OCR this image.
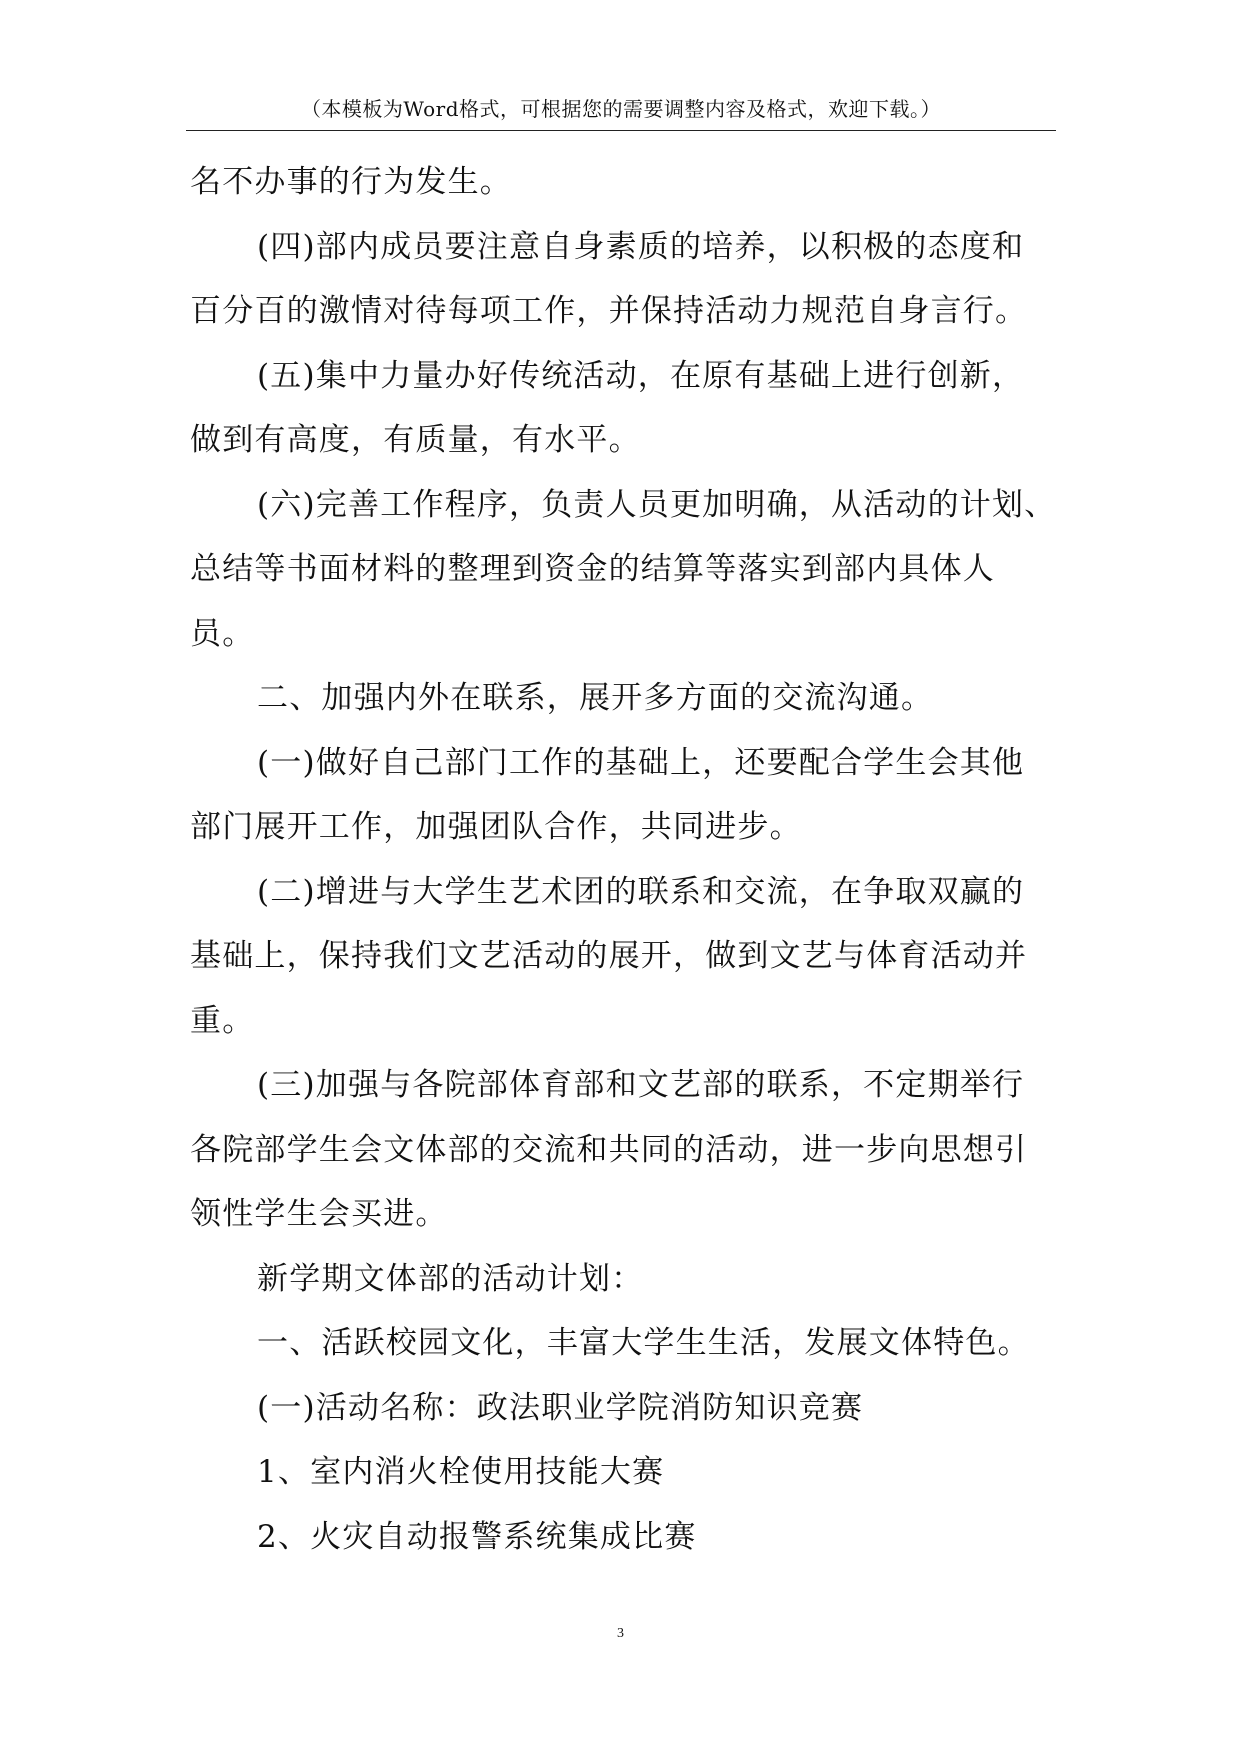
（本模板为Word格式，可根据您的需要调整内容及格式，欢迎下载。）
名不办事的行为发生。
(四)部内成员要注意自身素质的培养，以积极的态度和
百分百的激情对待每项工作，并保持活动力规范自身言行。
(五)集中力量办好传统活动，在原有基础上进行创新，
做到有高度，有质量，有水平。
(六)完善工作程序，负责人员更加明确，从活动的计划、
总结等书面材料的整理到资金的结算等落实到部内具体人
员。
二、加强内外在联系，展开多方面的交流沟通。
(一)做好自己部门工作的基础上，还要配合学生会其他
部门展开工作，加强团队合作，共同进步。
(二)增进与大学生艺术团的联系和交流，在争取双赢的
基础上，保持我们文艺活动的展开，做到文艺与体育活动并
重。
(三)加强与各院部体育部和文艺部的联系，不定期举行
各院部学生会文体部的交流和共同的活动，进一步向思想引
领性学生会买进。
新学期文体部的活动计划：
一、活跃校园文化，丰富大学生生活，发展文体特色。
(一)活动名称：政法职业学院消防知识竞赛
1、室内消火栓使用技能大赛
2、火灾自动报警系统集成比赛
3
